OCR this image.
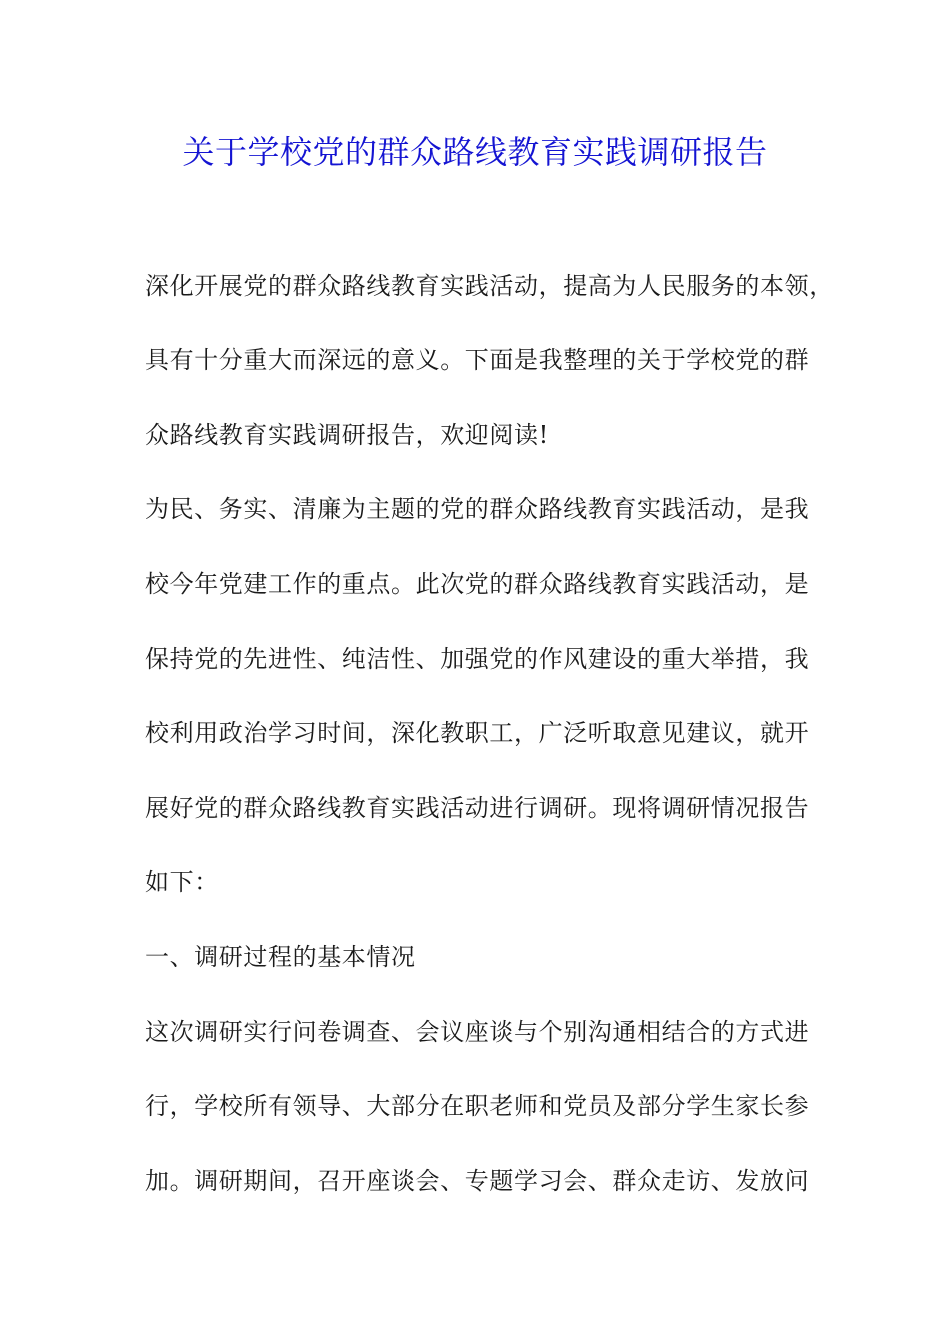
关于学校党的群众路线教育实践调研报告
深化开展党的群众路线教育实践活动，提高为人民服务的本领，
具有十分重大而深远的意义。下面是我整理的关于学校党的群
众路线教育实践调研报告，欢迎阅读!
为民、务实、清廉为主题的党的群众路线教育实践活动，是我
校今年党建工作的重点。此次党的群众路线教育实践活动，是
保持党的先进性、纯洁性、加强党的作风建设的重大举措，我
校利用政治学习时间，深化教职工，广泛听取意见建议，就开
展好党的群众路线教育实践活动进行调研。现将调研情况报告
如下：
一、调研过程的基本情况
这次调研实行问卷调查、会议座谈与个别沟通相结合的方式进
行，学校所有领导、大部分在职老师和党员及部分学生家长参
加。调研期间，召开座谈会、专题学习会、群众走访、发放问
